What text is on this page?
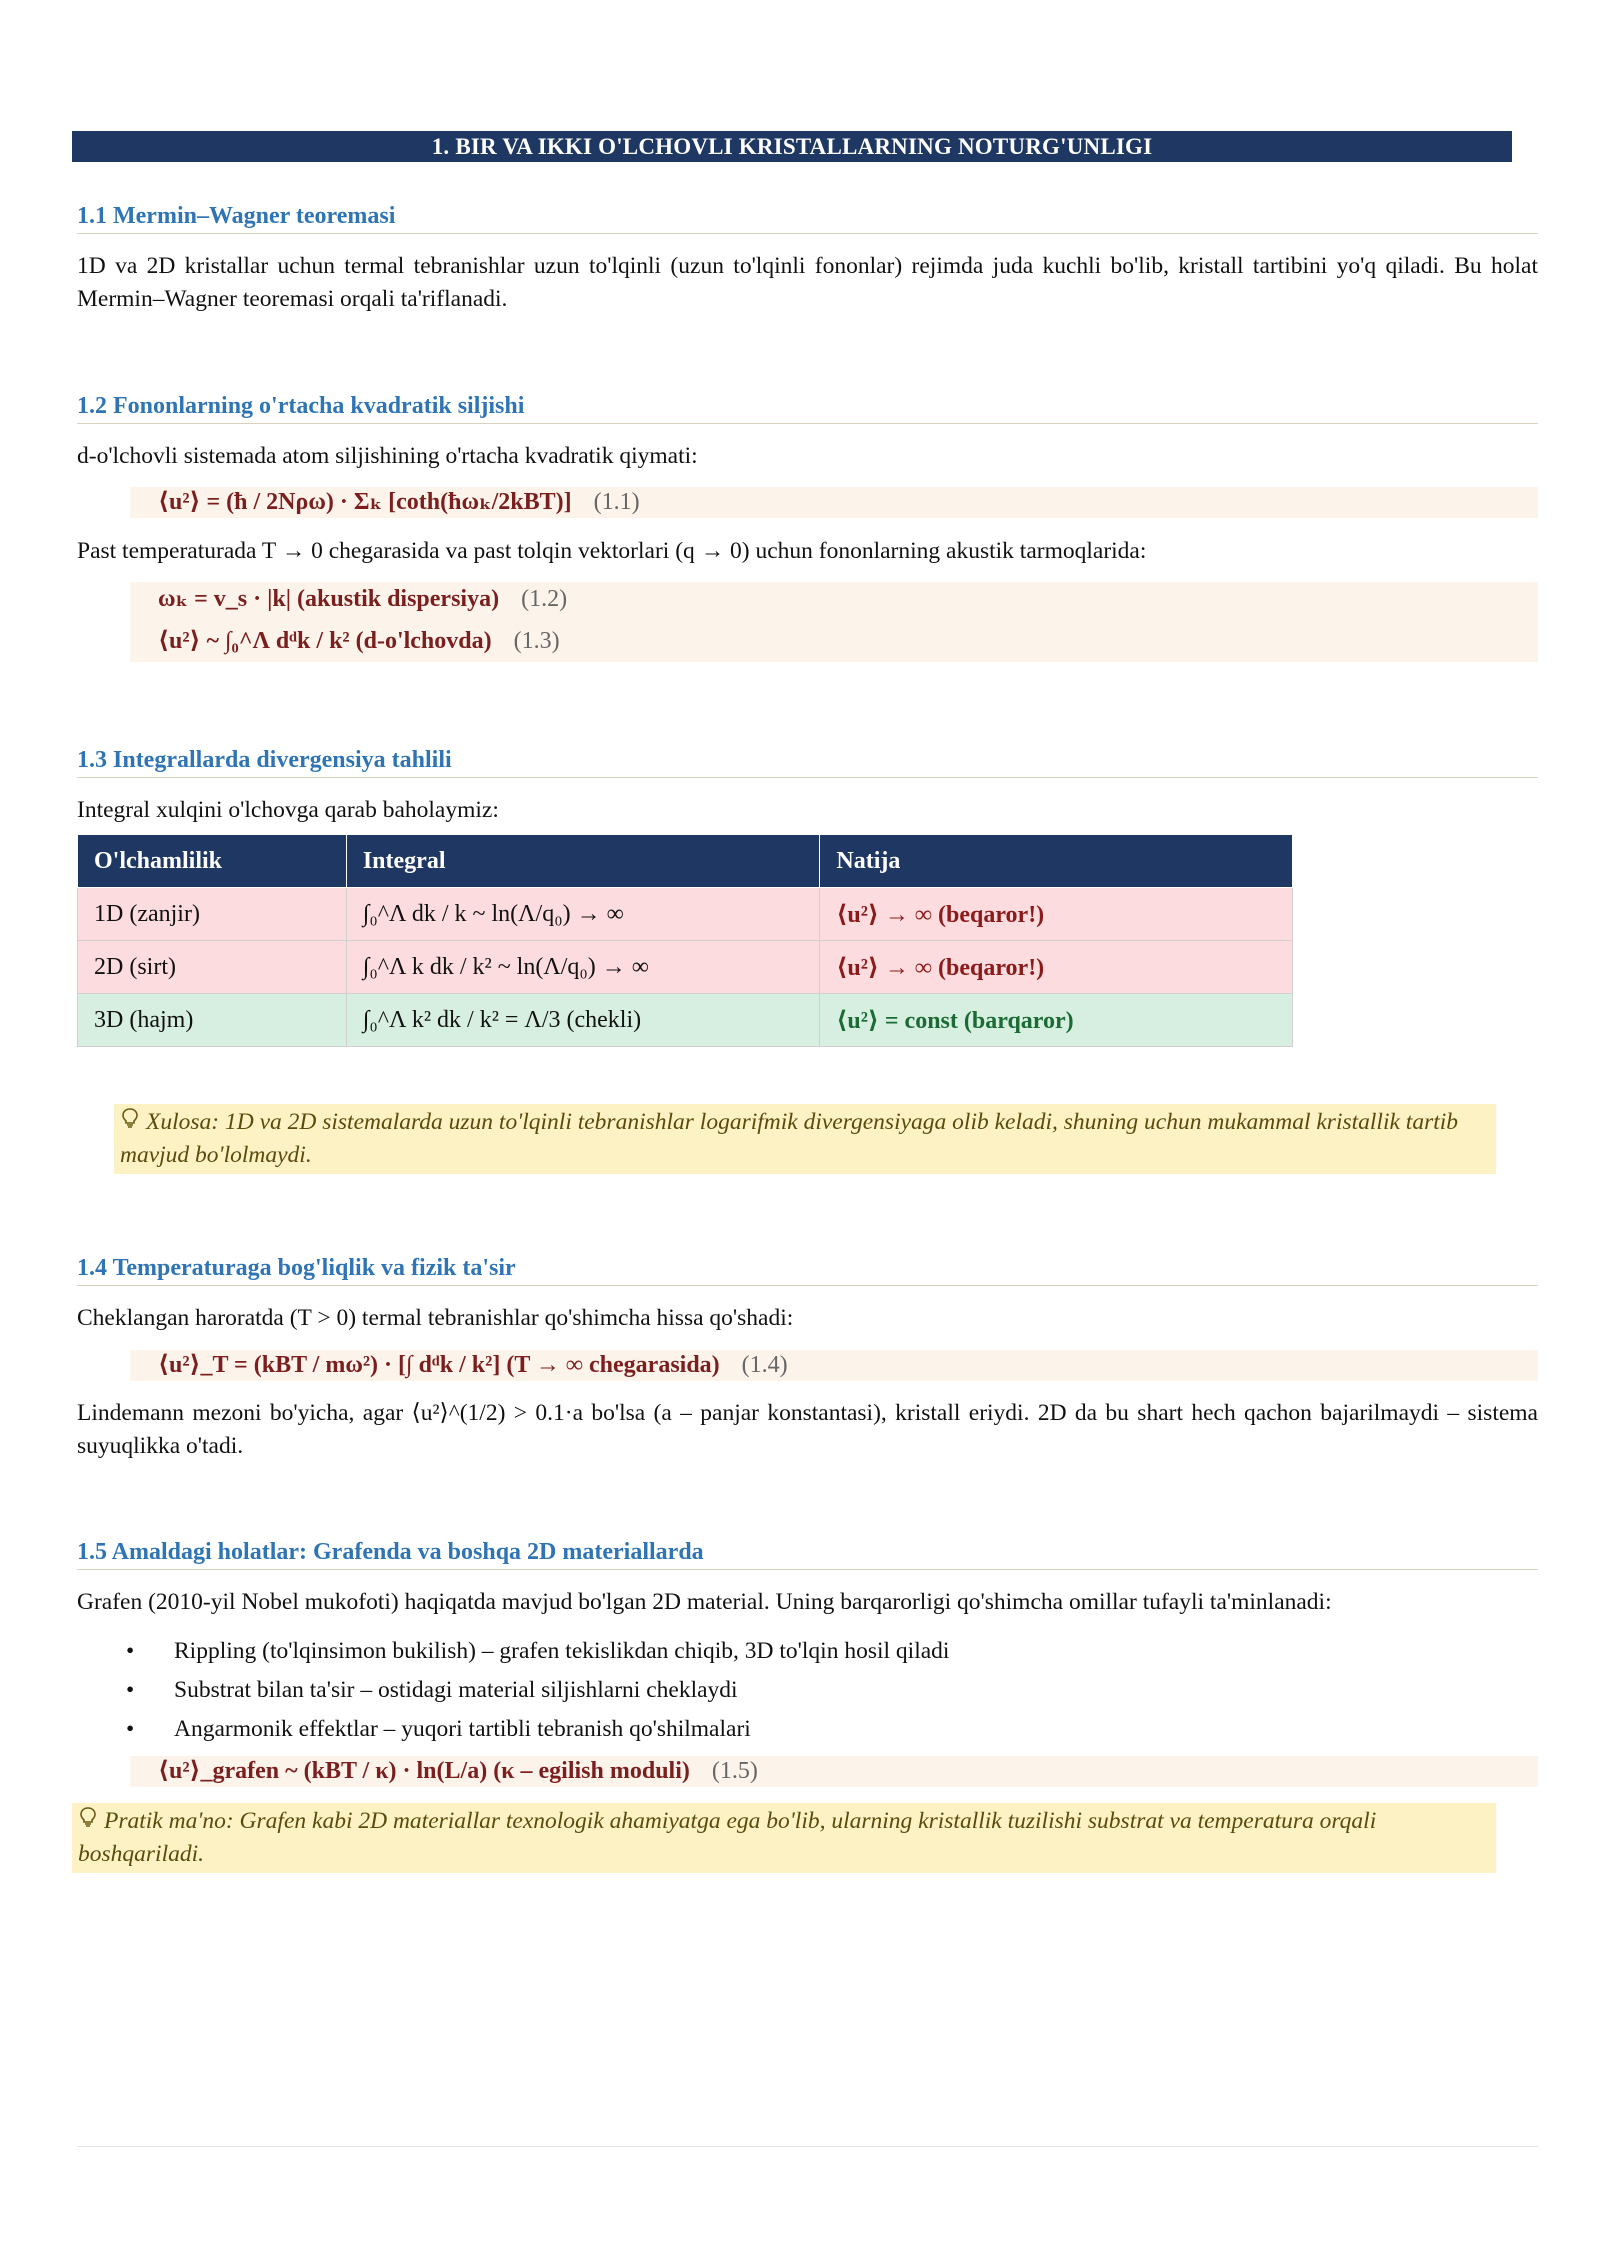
1. BIR VA IKKI O'LCHOVLI KRISTALLARNING NOTURG'UNLIGI
1.1 Mermin–Wagner teoremasi
1D va 2D kristallar uchun termal tebranishlar uzun to'lqinli (uzun to'lqinli fononlar) rejimda juda kuchli bo'lib, kristall tartibini yo'q qiladi. Bu holat Mermin–Wagner teoremasi orqali ta'riflanadi.
1.2 Fononlarning o'rtacha kvadratik siljishi
d-o'lchovli sistemada atom siljishining o'rtacha kvadratik qiymati:
⟨u²⟩ = (ħ / 2Nρω) · Σₖ [coth(ħωₖ/2kBT)] (1.1)
Past temperaturada T → 0 chegarasida va past tolqin vektorlari (q → 0) uchun fononlarning akustik tarmoqlarida:
ωₖ = v_s · |k| (akustik dispersiya) (1.2)
⟨u²⟩ ~ ∫₀^Λ dᵈk / k² (d-o'lchovda) (1.3)
1.3 Integrallarda divergensiya tahlili
Integral xulqini o'lchovga qarab baholaymiz:
O'lchamlilik	Integral	Natija
1D (zanjir)	∫₀^Λ dk / k ~ ln(Λ/q₀) → ∞	⟨u²⟩ → ∞ (beqaror!)
2D (sirt)	∫₀^Λ k dk / k² ~ ln(Λ/q₀) → ∞	⟨u²⟩ → ∞ (beqaror!)
3D (hajm)	∫₀^Λ k² dk / k² = Λ/3 (chekli)	⟨u²⟩ = const (barqaror)
Xulosa: 1D va 2D sistemalarda uzun to'lqinli tebranishlar logarifmik divergensiyaga olib keladi, shuning uchun mukammal kristallik tartib mavjud bo'lolmaydi.
1.4 Temperaturaga bog'liqlik va fizik ta'sir
Cheklangan haroratda (T > 0) termal tebranishlar qo'shimcha hissa qo'shadi:
⟨u²⟩_T = (kBT / mω²) · [∫ dᵈk / k²] (T → ∞ chegarasida) (1.4)
Lindemann mezoni bo'yicha, agar ⟨u²⟩^(1/2) > 0.1·a bo'lsa (a – panjar konstantasi), kristall eriydi. 2D da bu shart hech qachon bajarilmaydi – sistema suyuqlikka o'tadi.
1.5 Amaldagi holatlar: Grafenda va boshqa 2D materiallarda
Grafen (2010-yil Nobel mukofoti) haqiqatda mavjud bo'lgan 2D material. Uning barqarorligi qo'shimcha omillar tufayli ta'minlanadi:
• Rippling (to'lqinsimon bukilish) – grafen tekislikdan chiqib, 3D to'lqin hosil qiladi
• Substrat bilan ta'sir – ostidagi material siljishlarni cheklaydi
• Angarmonik effektlar – yuqori tartibli tebranish qo'shilmalari
⟨u²⟩_grafen ~ (kBT / κ) · ln(L/a) (κ – egilish moduli) (1.5)
Pratik ma'no: Grafen kabi 2D materiallar texnologik ahamiyatga ega bo'lib, ularning kristallik tuzilishi substrat va temperatura orqali boshqariladi.
